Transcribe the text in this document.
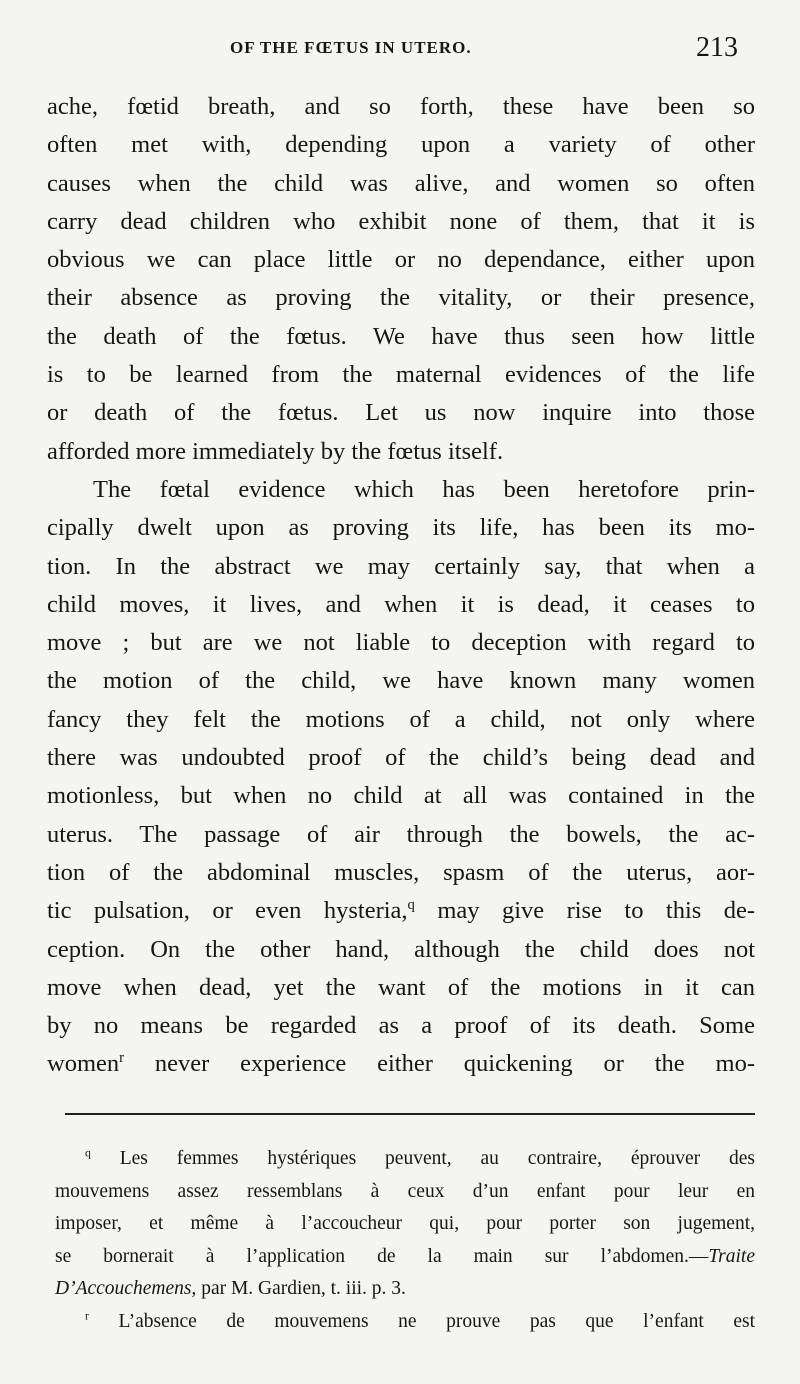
OF THE FŒTUS IN UTERO.	213
ache, fœtid breath, and so forth, these have been so
often met with, depending upon a variety of other
causes when the child was alive, and women so often
carry dead children who exhibit none of them, that it is
obvious we can place little or no dependance, either upon
their absence as proving the vitality, or their presence,
the death of the fœtus. We have thus seen how little
is to be learned from the maternal evidences of the life
or death of the fœtus. Let us now inquire into those
afforded more immediately by the fœtus itself.
The fœtal evidence which has been heretofore prin-
cipally dwelt upon as proving its life, has been its mo-
tion. In the abstract we may certainly say, that when a
child moves, it lives, and when it is dead, it ceases to
move ; but are we not liable to deception with regard to
the motion of the child, we have known many women
fancy they felt the motions of a child, not only where
there was undoubted proof of the child’s being dead and
motionless, but when no child at all was contained in the
uterus. The passage of air through the bowels, the ac-
tion of the abdominal muscles, spasm of the uterus, aor-
tic pulsation, or even hysteria,$^q$ may give rise to this de-
ception. On the other hand, although the child does not
move when dead, yet the want of the motions in it can
by no means be regarded as a proof of its death. Some
women$^r$ never experience either quickening or the mo-
$^q$ Les femmes hystériques peuvent, au contraire, éprouver des
mouvemens assez ressemblans à ceux d’un enfant pour leur en
imposer, et même à l’accoucheur qui, pour porter son jugement,
se bornerait à l’application de la main sur l’abdomen.—Traite
D’Accouchemens, par M. Gardien, t. iii. p. 3.
$^r$ L’absence de mouvemens ne prouve pas que l’enfant est
